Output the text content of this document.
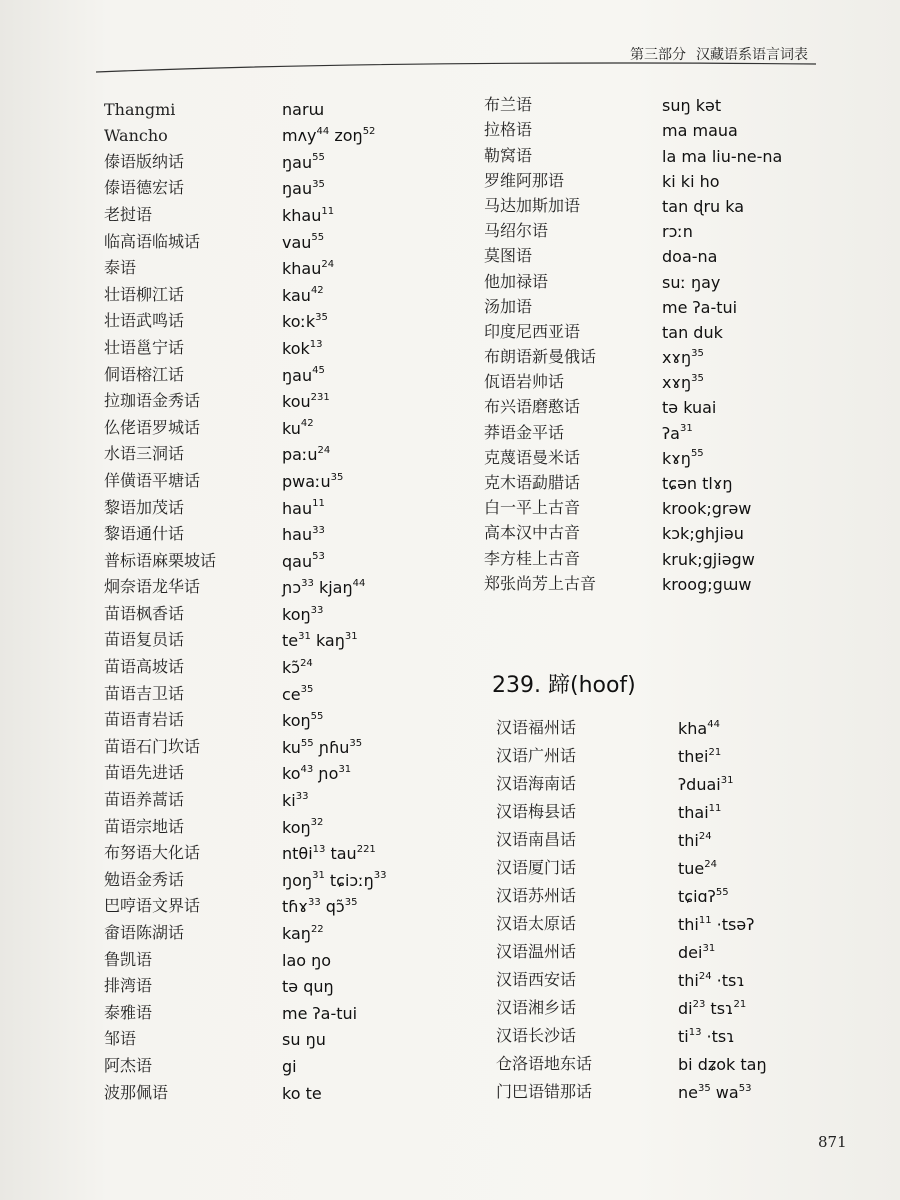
第三部分 汉藏语系语言词表
Thangmi	narɯ
Wancho	mʌy$^{44}$ zoŋ$^{52}$
傣语版纳话	ŋau$^{55}$
傣语德宏话	ŋau$^{35}$
老挝语	khau$^{11}$
临高语临城话	vau$^{55}$
泰语	khau$^{24}$
壮语柳江话	kau$^{42}$
壮语武鸣话	koːk$^{35}$
壮语邕宁话	kok$^{13}$
侗语榕江话	ŋau$^{45}$
拉珈语金秀话	kou$^{231}$
仫佬语罗城话	$ku^{42}$
水语三洞话	paːu$^{24}$
佯僙语平塘话	pwaːu$^{35}$
黎语加茂话	hau$^{11}$
黎语通什话	hau$^{33}$
普标语麻栗坡话	qau$^{53}$
炯奈语龙华话	ɲɔ$^{33}$ kjaŋ$^{44}$
苗语枫香话	koŋ$^{33}$
苗语复员话	$te^{31}$ kaŋ$^{31}$
苗语高坡话	kɔ̃$^{24}$
苗语吉卫话	$ce^{35}$
苗语青岩话	koŋ$^{55}$
苗语石门坎话	$ku^{55}$ ɲɦu$^{35}$
苗语先进话	$ko^{43}$ ɲo$^{31}$
苗语养蒿话	$ki^{33}$
苗语宗地话	koŋ$^{32}$
布努语大化话	ntθi$^{13}$ tau$^{221}$
勉语金秀话	ŋoŋ$^{31}$ tɕiɔːŋ$^{33}$
巴哼语文界话	tɦɤ$^{33}$ qɔ̃$^{35}$
畲语陈湖话	kaŋ$^{22}$
鲁凯语	lao ŋo
排湾语	tə quŋ
泰雅语	me ʔa-tui
邹语	su ŋu
阿杰语	gi
波那佩语	ko te
布兰语	suŋ kət
拉格语	ma maua
勒窝语	la ma liu-ne-na
罗维阿那语	ki ki ho
马达加斯加语	tan ɖru ka
马绍尔语	rɔːn
莫图语	doa-na
他加禄语	suː ŋay
汤加语	me ʔa-tui
印度尼西亚语	tan duk
布朗语新曼俄话	xɤŋ$^{35}$
佤语岩帅话	xɤŋ$^{35}$
布兴语磨憨话	tə kuai
莽语金平话	ʔa$^{31}$
克蔑语曼米话	kɤŋ$^{55}$
克木语勐腊话	tɕən tlɤŋ
白一平上古音	krook;grəw
高本汉中古音	kɔk;ghjiǝu
李方桂上古音	kruk;gjiəgw
郑张尚芳上古音	kroog;gɯw
239. 蹄(hoof)
汉语福州话	kha$^{44}$
汉语广州话	thɐi$^{21}$
汉语海南话	ʔduai$^{31}$
汉语梅县话	thai$^{11}$
汉语南昌话	thi$^{24}$
汉语厦门话	tue$^{24}$
汉语苏州话	tɕiɑʔ$^{55}$
汉语太原话	thi$^{11}$ ·tsəʔ
汉语温州话	dei$^{31}$
汉语西安话	thi$^{24}$ ·tsɿ
汉语湘乡话	$di^{23}$ tsɿ$^{21}$
汉语长沙话	$ti^{13}$ ·tsɿ
仓洛语地东话	bi dʑok taŋ
门巴语错那话	$ne^{35}$ $wa^{53}$
871
